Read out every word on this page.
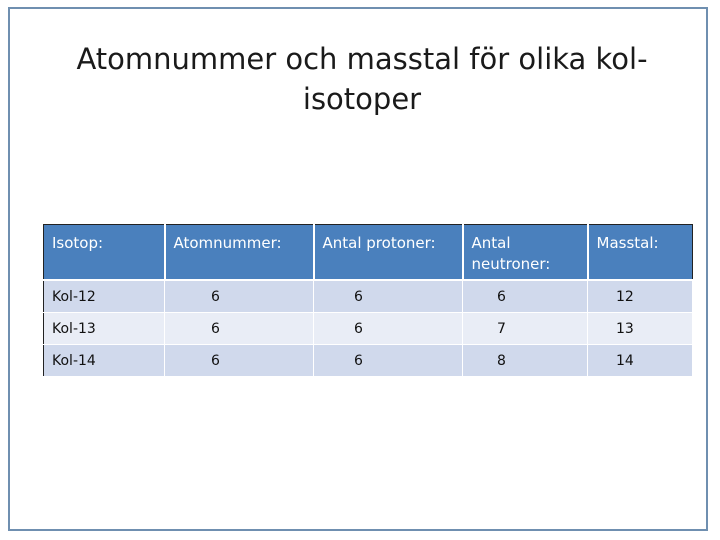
Atomnummer och masstal för olika kol-
isotoper
Isotop:	Atomnummer:	Antal protoner:	Antal neutroner:	Masstal:
Kol-12	6	6	6	12
Kol-13	6	6	7	13
Kol-14	6	6	8	14
